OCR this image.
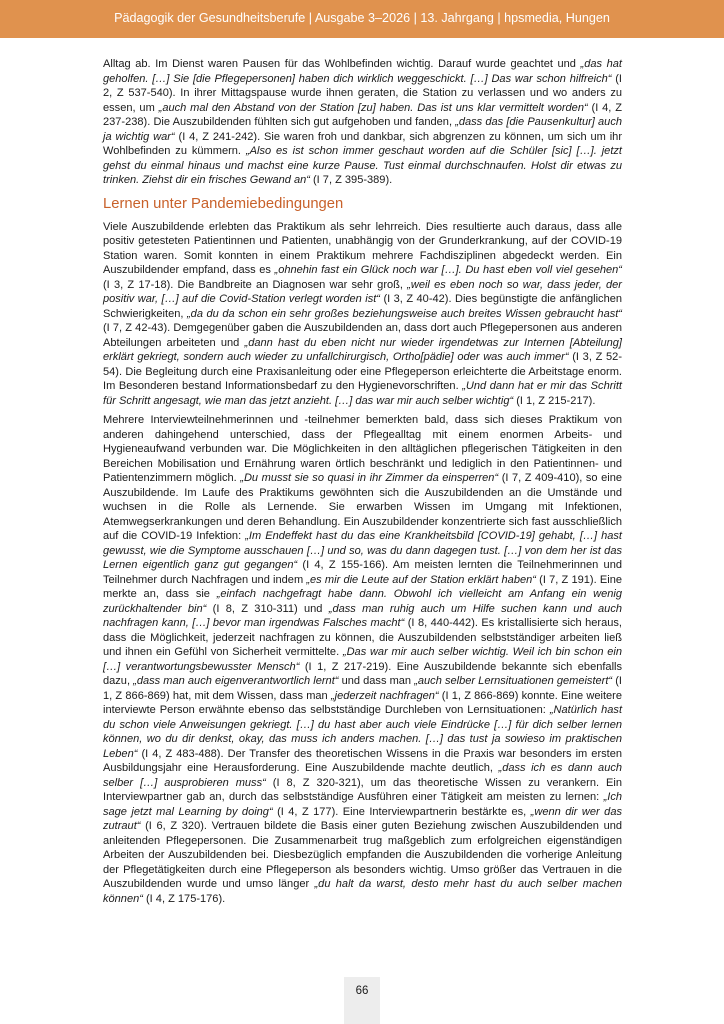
Pädagogik der Gesundheitsberufe | Ausgabe 3–2026 | 13. Jahrgang | hpsmedia, Hungen

Alltag ab. Im Dienst waren Pausen für das Wohlbefinden wichtig. Darauf wurde geachtet und „das hat geholfen. […] Sie [die Pflegepersonen] haben dich wirklich weggeschickt. […] Das war schon hilfreich“ (I 2, Z 537-540). In ihrer Mittagspause wurde ihnen geraten, die Station zu verlassen und wo anders zu essen, um „auch mal den Abstand von der Station [zu] haben. Das ist uns klar vermittelt worden“ (I 4, Z 237-238). Die Auszubildenden fühlten sich gut aufgehoben und fanden, „dass das [die Pausenkultur] auch ja wichtig war“ (I 4, Z 241-242). Sie waren froh und dankbar, sich abgrenzen zu können, um sich um ihr Wohlbefinden zu kümmern. „Also es ist schon immer geschaut worden auf die Schüler [sic] […]. jetzt gehst du einmal hinaus und machst eine kurze Pause. Tust einmal durchschnaufen. Holst dir etwas zu trinken. Ziehst dir ein frisches Gewand an“ (I 7, Z 395-389).

Lernen unter Pandemiebedingungen

Viele Auszubildende erlebten das Praktikum als sehr lehrreich. Dies resultierte auch daraus, dass alle positiv getesteten Patientinnen und Patienten, unabhängig von der Grunderkrankung, auf der COVID-19 Station waren. Somit konnten in einem Praktikum mehrere Fachdisziplinen abgedeckt werden. Ein Auszubildender empfand, dass es „ohnehin fast ein Glück noch war […]. Du hast eben voll viel gesehen“ (I 3, Z 17-18). Die Bandbreite an Diagnosen war sehr groß, „weil es eben noch so war, dass jeder, der positiv war, […] auf die Covid-Station verlegt worden ist“ (I 3, Z 40-42). Dies begünstigte die anfänglichen Schwierigkeiten, „da du da schon ein sehr großes beziehungsweise auch breites Wissen gebraucht hast“ (I 7, Z 42-43). Demgegenüber gaben die Auszubildenden an, dass dort auch Pflegepersonen aus anderen Abteilungen arbeiteten und „dann hast du eben nicht nur wieder irgendetwas zur Internen [Abteilung] erklärt gekriegt, sondern auch wieder zu unfallchirurgisch, Ortho[pädie] oder was auch immer“ (I 3, Z 52-54). Die Begleitung durch eine Praxisanleitung oder eine Pflegeperson erleichterte die Arbeitstage enorm. Im Besonderen bestand Informationsbedarf zu den Hygienevorschriften. „Und dann hat er mir das Schritt für Schritt angesagt, wie man das jetzt anzieht. […] das war mir auch selber wichtig“ (I 1, Z 215-217).

Mehrere Interviewteilnehmerinnen und -teilnehmer bemerkten bald, dass sich dieses Praktikum von anderen dahingehend unterschied, dass der Pflegealltag mit einem enormen Arbeits- und Hygieneaufwand verbunden war. Die Möglichkeiten in den alltäglichen pflegerischen Tätigkeiten in den Bereichen Mobilisation und Ernährung waren örtlich beschränkt und lediglich in den Patientinnen- und Patientenzimmern möglich. „Du musst sie so quasi in ihr Zimmer da einsperren“ (I 7, Z 409-410), so eine Auszubildende. Im Laufe des Praktikums gewöhnten sich die Auszubildenden an die Umstände und wuchsen in die Rolle als Lernende. Sie erwarben Wissen im Umgang mit Infektionen, Atemwegserkrankungen und deren Behandlung. Ein Auszubildender konzentrierte sich fast ausschließlich auf die COVID-19 Infektion: „Im Endeffekt hast du das eine Krankheitsbild [COVID-19] gehabt, […] hast gewusst, wie die Symptome ausschauen […] und so, was du dann dagegen tust. […] von dem her ist das Lernen eigentlich ganz gut gegangen“ (I 4, Z 155-166). Am meisten lernten die Teilnehmerinnen und Teilnehmer durch Nachfragen und indem „es mir die Leute auf der Station erklärt haben“ (I 7, Z 191). Eine merkte an, dass sie „einfach nachgefragt habe dann. Obwohl ich vielleicht am Anfang ein wenig zurückhaltender bin“ (I 8, Z 310-311) und „dass man ruhig auch um Hilfe suchen kann und auch nachfragen kann, […] bevor man irgendwas Falsches macht“ (I 8, 440-442). Es kristallisierte sich heraus, dass die Möglichkeit, jederzeit nachfragen zu können, die Auszubildenden selbstständiger arbeiten ließ und ihnen ein Gefühl von Sicherheit vermittelte. „Das war mir auch selber wichtig. Weil ich bin schon ein […] verantwortungsbewusster Mensch“ (I 1, Z 217-219). Eine Auszubildende bekannte sich ebenfalls dazu, „dass man auch eigenverantwortlich lernt“ und dass man „auch selber Lernsituationen gemeistert“ (I 1, Z 866-869) hat, mit dem Wissen, dass man „jederzeit nachfragen“ (I 1, Z 866-869) konnte. Eine weitere interviewte Person erwähnte ebenso das selbstständige Durchleben von Lernsituationen: „Natürlich hast du schon viele Anweisungen gekriegt. […] du hast aber auch viele Eindrücke […] für dich selber lernen können, wo du dir denkst, okay, das muss ich anders machen. […] das tust ja sowieso im praktischen Leben“ (I 4, Z 483-488). Der Transfer des theoretischen Wissens in die Praxis war besonders im ersten Ausbildungsjahr eine Herausforderung. Eine Auszubildende machte deutlich, „dass ich es dann auch selber […] ausprobieren muss“ (I 8, Z 320-321), um das theoretische Wissen zu verankern. Ein Interviewpartner gab an, durch das selbstständige Ausführen einer Tätigkeit am meisten zu lernen: „Ich sage jetzt mal Learning by doing“ (I 4, Z 177). Eine Interviewpartnerin bestärkte es, „wenn dir wer das zutraut“ (I 6, Z 320). Vertrauen bildete die Basis einer guten Beziehung zwischen Auszubildenden und anleitenden Pflegepersonen. Die Zusammenarbeit trug maßgeblich zum erfolgreichen eigenständigen Arbeiten der Auszubildenden bei. Diesbezüglich empfanden die Auszubildenden die vorherige Anleitung der Pflegetätigkeiten durch eine Pflegeperson als besonders wichtig. Umso größer das Vertrauen in die Auszubildenden wurde und umso länger „du halt da warst, desto mehr hast du auch selber machen können“ (I 4, Z 175-176).

66
